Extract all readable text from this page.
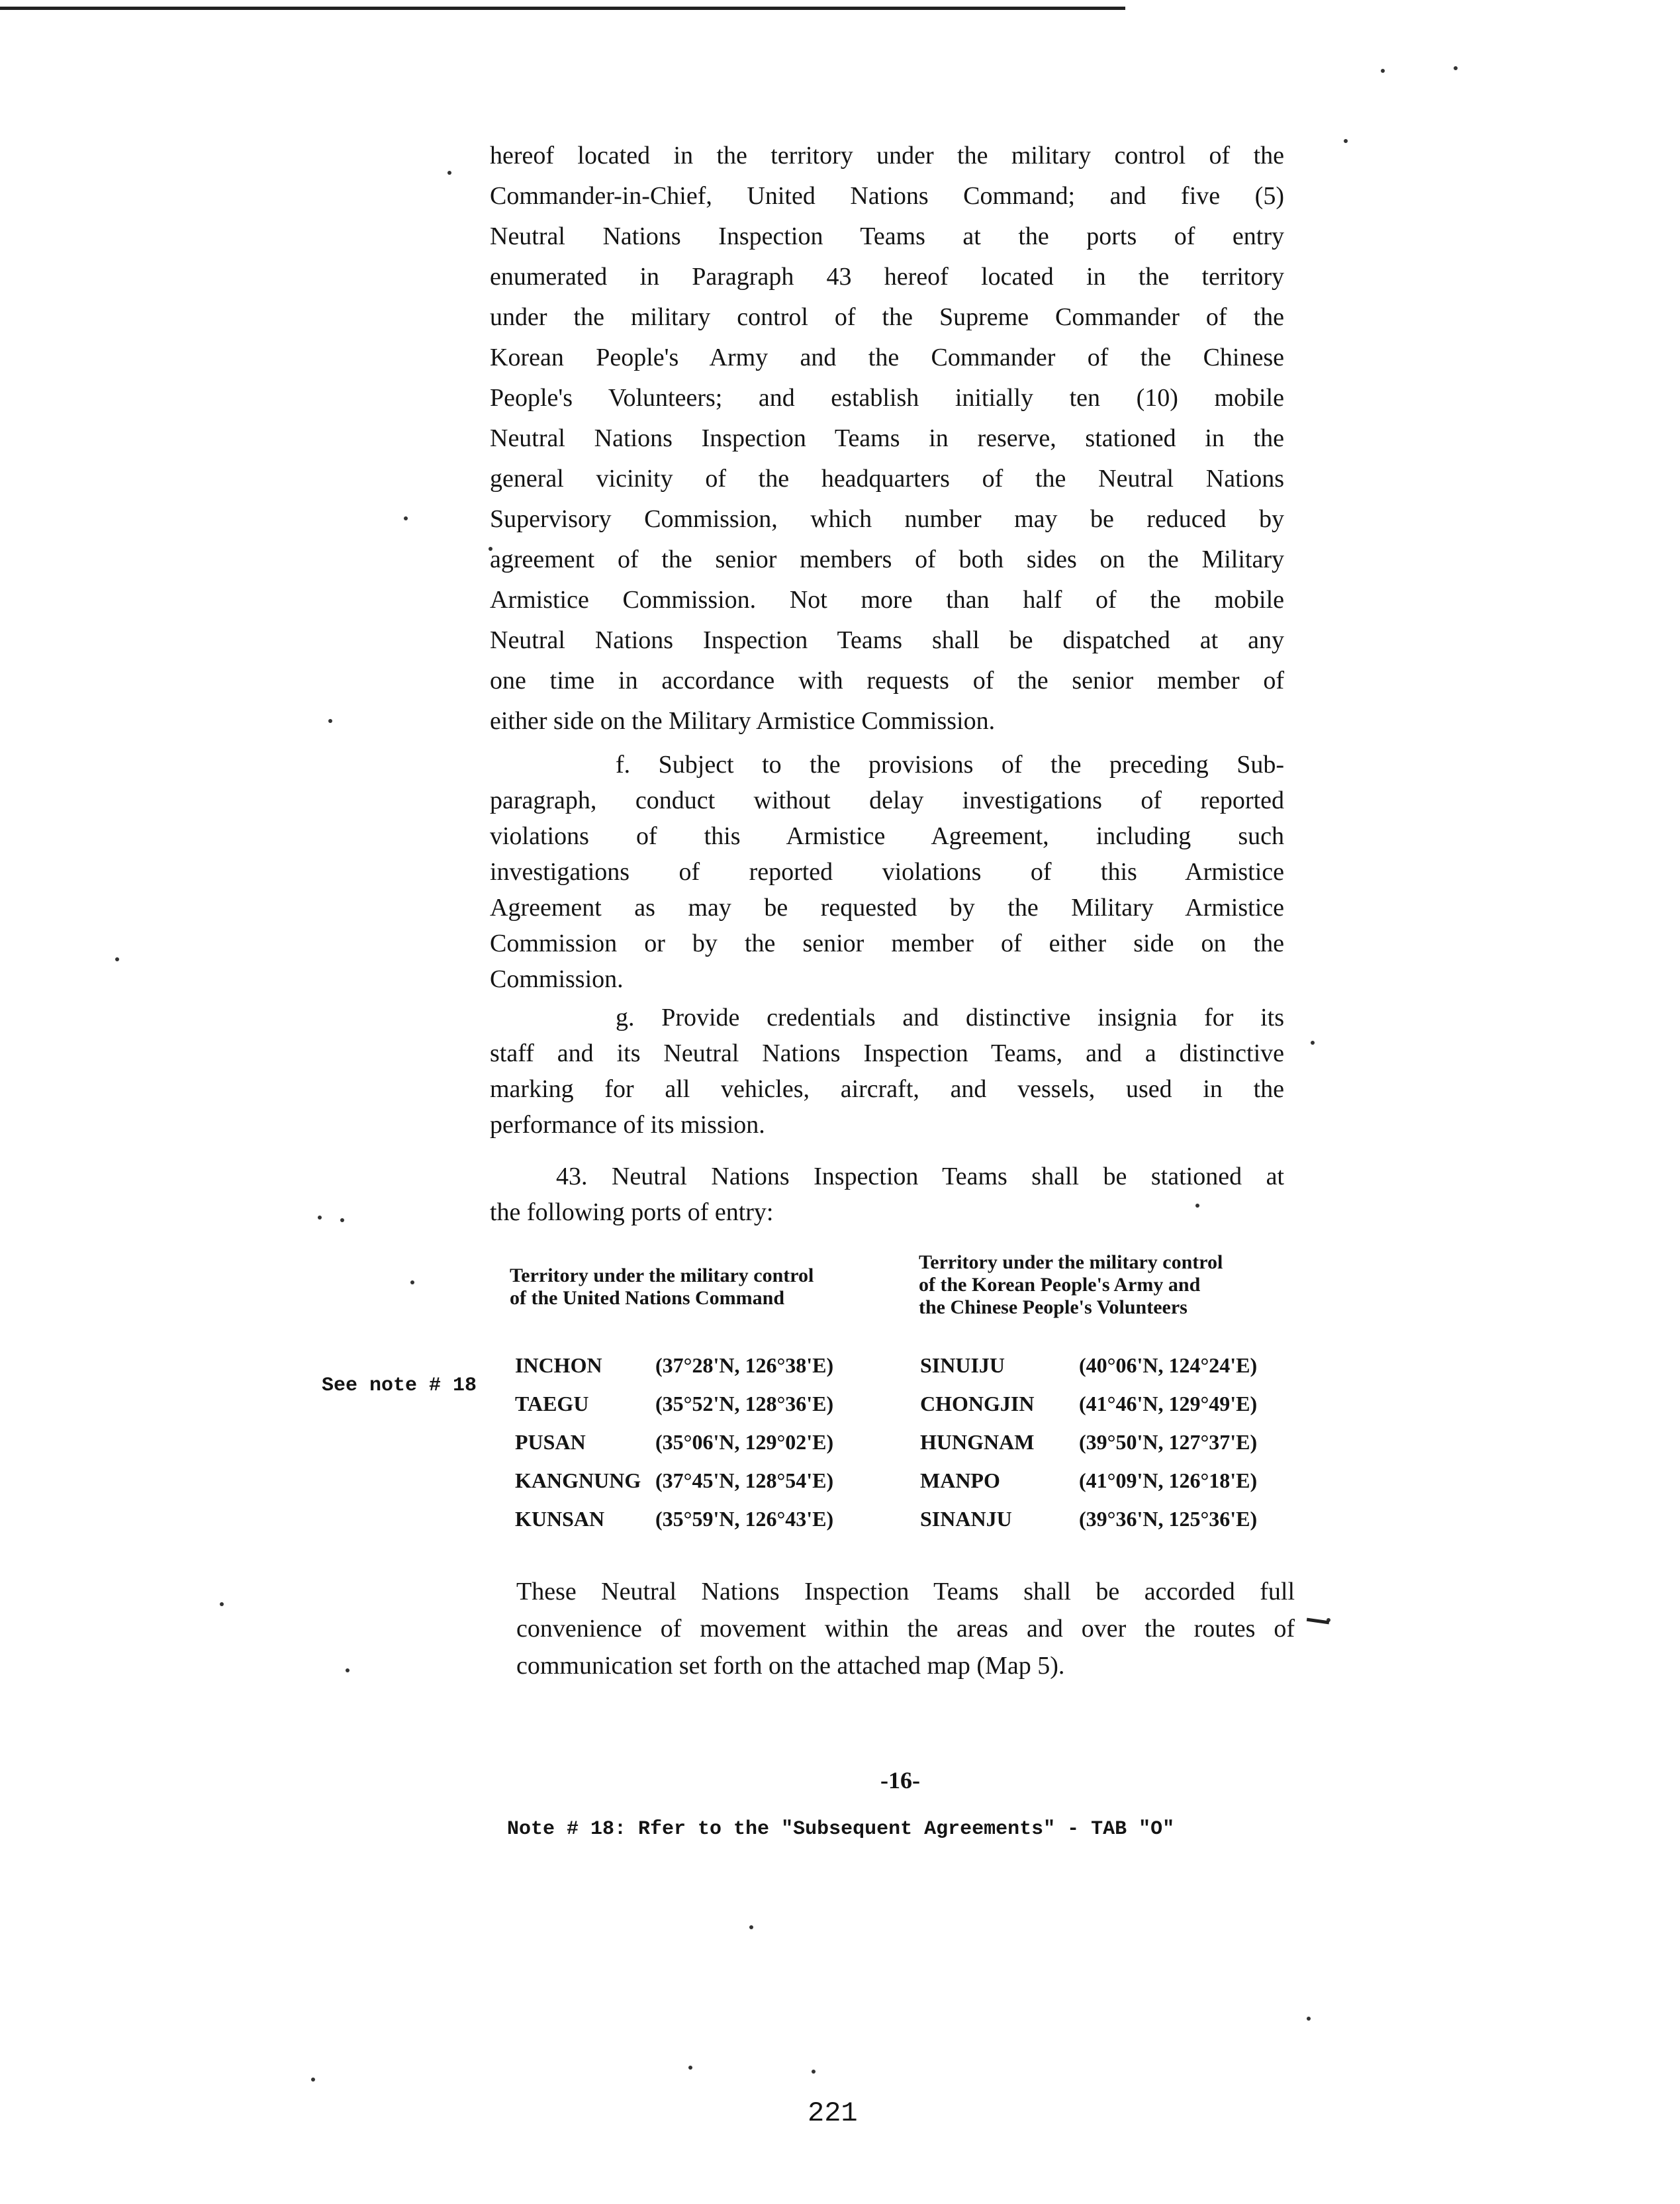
hereof located in the territory under the military control of the
Commander-in-Chief, United Nations Command; and five (5)
Neutral Nations Inspection Teams at the ports of entry
enumerated in Paragraph 43 hereof located in the territory
under the military control of the Supreme Commander of the
Korean People's Army and the Commander of the Chinese
People's Volunteers; and establish initially ten (10) mobile
Neutral Nations Inspection Teams in reserve, stationed in the
general vicinity of the headquarters of the Neutral Nations
Supervisory Commission, which number may be reduced by
agreement of the senior members of both sides on the Military
Armistice Commission. Not more than half of the mobile
Neutral Nations Inspection Teams shall be dispatched at any
one time in accordance with requests of the senior member of
either side on the Military Armistice Commission.
f. Subject to the provisions of the preceding Sub-
paragraph, conduct without delay investigations of reported
violations of this Armistice Agreement, including such
investigations of reported violations of this Armistice
Agreement as may be requested by the Military Armistice
Commission or by the senior member of either side on the
Commission.
g. Provide credentials and distinctive insignia for its
staff and its Neutral Nations Inspection Teams, and a distinctive
marking for all vehicles, aircraft, and vessels, used in the
performance of its mission.
43. Neutral Nations Inspection Teams shall be stationed at
the following ports of entry:
Territory under the military control
of the United Nations Command
Territory under the military control
of the Korean People's Army and
the Chinese People's Volunteers
See note # 18
INCHON	(37°28'N, 126°38'E)	SINUIJU	(40°06'N, 124°24'E)
TAEGU	(35°52'N, 128°36'E)	CHONGJIN (41°46'N, 129°49'E)
PUSAN	(35°06'N, 129°02'E)	HUNGNAM (39°50'N, 127°37'E)
KANGNUNG (37°45'N, 128°54'E)	MANPO	(41°09'N, 126°18'E)
KUNSAN (35°59'N, 126°43'E)	SINANJU	(39°36'N, 125°36'E)
These Neutral Nations Inspection Teams shall be accorded full
convenience of movement within the areas and over the routes of
communication set forth on the attached map (Map 5).
-16-
Note # 18: Rfer to the "Subsequent Agreements" - TAB "O"
221
